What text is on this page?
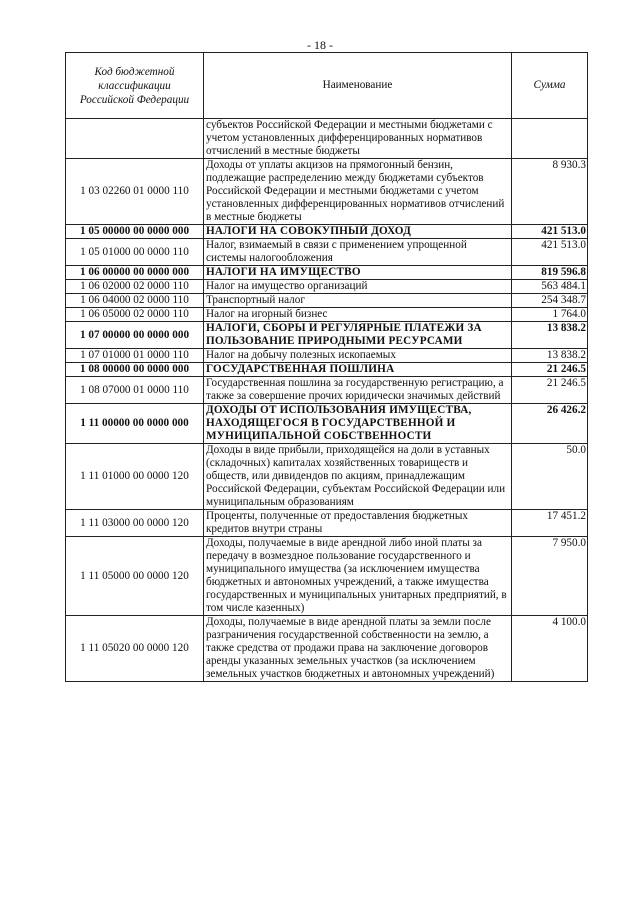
- 18 -
Код бюджетной классификации Российской Федерации	Наименование	Сумма
	субъектов Российской Федерации и местными бюджетами с учетом установленных дифференцированных нормативов отчислений в местные бюджеты	
1 03 02260 01 0000 110	Доходы от уплаты акцизов на прямогонный бензин, подлежащие распределению между бюджетами субъектов Российской Федерации и местными бюджетами с учетом установленных дифференцированных нормативов отчислений в местные бюджеты	8 930.3
1 05 00000 00 0000 000	НАЛОГИ НА СОВОКУПНЫЙ ДОХОД	421 513.0
1 05 01000 00 0000 110	Налог, взимаемый в связи с применением упрощенной системы налогообложения	421 513.0
1 06 00000 00 0000 000	НАЛОГИ НА ИМУЩЕСТВО	819 596.8
1 06 02000 02 0000 110	Налог на имущество организаций	563 484.1
1 06 04000 02 0000 110	Транспортный налог	254 348.7
1 06 05000 02 0000 110	Налог на игорный бизнес	1 764.0
1 07 00000 00 0000 000	НАЛОГИ, СБОРЫ И РЕГУЛЯРНЫЕ ПЛАТЕЖИ ЗА ПОЛЬЗОВАНИЕ ПРИРОДНЫМИ РЕСУРСАМИ	13 838.2
1 07 01000 01 0000 110	Налог на добычу полезных ископаемых	13 838.2
1 08 00000 00 0000 000	ГОСУДАРСТВЕННАЯ ПОШЛИНА	21 246.5
1 08 07000 01 0000 110	Государственная пошлина за государственную регистрацию, а также за совершение прочих юридически значимых действий	21 246.5
1 11 00000 00 0000 000	ДОХОДЫ ОТ ИСПОЛЬЗОВАНИЯ ИМУЩЕСТВА, НАХОДЯЩЕГОСЯ В ГОСУДАРСТВЕННОЙ И МУНИЦИПАЛЬНОЙ СОБСТВЕННОСТИ	26 426.2
1 11 01000 00 0000 120	Доходы в виде прибыли, приходящейся на доли в уставных (складочных) капиталах хозяйственных товариществ и обществ, или дивидендов по акциям, принадлежащим Российской Федерации, субъектам Российской Федерации или муниципальным образованиям	50.0
1 11 03000 00 0000 120	Проценты, полученные от предоставления бюджетных кредитов внутри страны	17 451.2
1 11 05000 00 0000 120	Доходы, получаемые в виде арендной либо иной платы за передачу в возмездное пользование государственного и муниципального имущества (за исключением имущества бюджетных и автономных учреждений, а также имущества государственных и муниципальных унитарных предприятий, в том числе казенных)	7 950.0
1 11 05020 00 0000 120	Доходы, получаемые в виде арендной платы за земли после разграничения государственной собственности на землю, а также средства от продажи права на заключение договоров аренды указанных земельных участков (за исключением земельных участков бюджетных и автономных учреждений)	4 100.0
